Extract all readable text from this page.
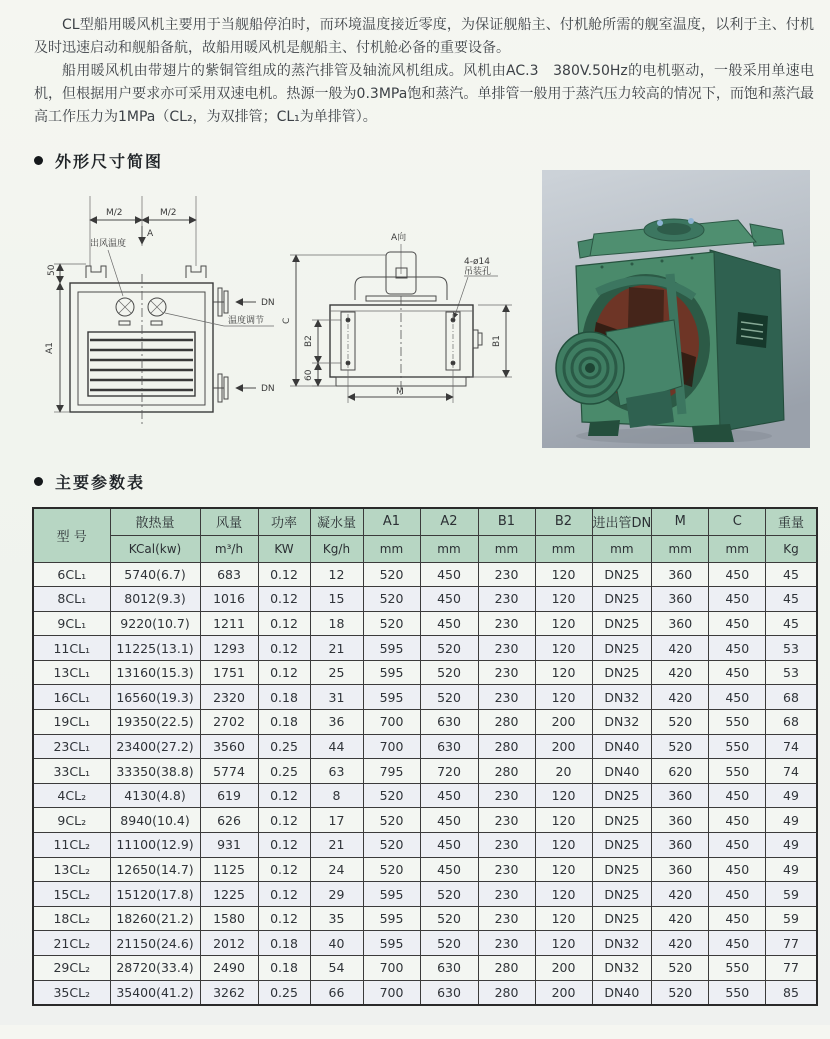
CL型船用暖风机主要用于当舰船停泊时，而环境温度接近零度，为保证舰船主、付机舱所需的舰室温度，以利于主、付机及时迅速启动和舰船备航，故船用暖风机是舰船主、付机舱必备的重要设备。

船用暖风机由带翅片的紫铜管组成的蒸汽排管及轴流风机组成。风机由AC.3　380V.50Hz的电机驱动，一般采用单速电机，但根据用户要求亦可采用双速电机。热源一般为0.3MPa饱和蒸汽。单排管一般用于蒸汽压力较高的情况下，而饱和蒸汽最高工作压力为1MPa（CL₂，为双排管；CL₁为单排管）。

外形尺寸简图
M/2	M/2
A
出风温度
50
A1
DN
DN
温度调节
A向
4-ø14
吊装孔
C
B2
60
B1
M
主要参数表
型 号	散热量	风量	功率	凝水量	A1	A2	B1	B2	进出管DN	M	C	重量
	KCal(kw)	m³/h	KW	Kg/h	mm	mm	mm	mm	mm	mm	mm	Kg
6CL₁	5740(6.7)	683	0.12	12	520	450	230	120	DN25	360	450	45
8CL₁	8012(9.3)	1016	0.12	15	520	450	230	120	DN25	360	450	45
9CL₁	9220(10.7)	1211	0.12	18	520	450	230	120	DN25	360	450	45
11CL₁	11225(13.1)	1293	0.12	21	595	520	230	120	DN25	420	450	53
13CL₁	13160(15.3)	1751	0.12	25	595	520	230	120	DN25	420	450	53
16CL₁	16560(19.3)	2320	0.18	31	595	520	230	120	DN32	420	450	68
19CL₁	19350(22.5)	2702	0.18	36	700	630	280	200	DN32	520	550	68
23CL₁	23400(27.2)	3560	0.25	44	700	630	280	200	DN40	520	550	74
33CL₁	33350(38.8)	5774	0.25	63	795	720	280	20	DN40	620	550	74
4CL₂	4130(4.8)	619	0.12	8	520	450	230	120	DN25	360	450	49
9CL₂	8940(10.4)	626	0.12	17	520	450	230	120	DN25	360	450	49
11CL₂	11100(12.9)	931	0.12	21	520	450	230	120	DN25	360	450	49
13CL₂	12650(14.7)	1125	0.12	24	520	450	230	120	DN25	360	450	49
15CL₂	15120(17.8)	1225	0.12	29	595	520	230	120	DN25	420	450	59
18CL₂	18260(21.2)	1580	0.12	35	595	520	230	120	DN25	420	450	59
21CL₂	21150(24.6)	2012	0.18	40	595	520	230	120	DN32	420	450	77
29CL₂	28720(33.4)	2490	0.18	54	700	630	280	200	DN32	520	550	77
35CL₂	35400(41.2)	3262	0.25	66	700	630	280	200	DN40	520	550	85
